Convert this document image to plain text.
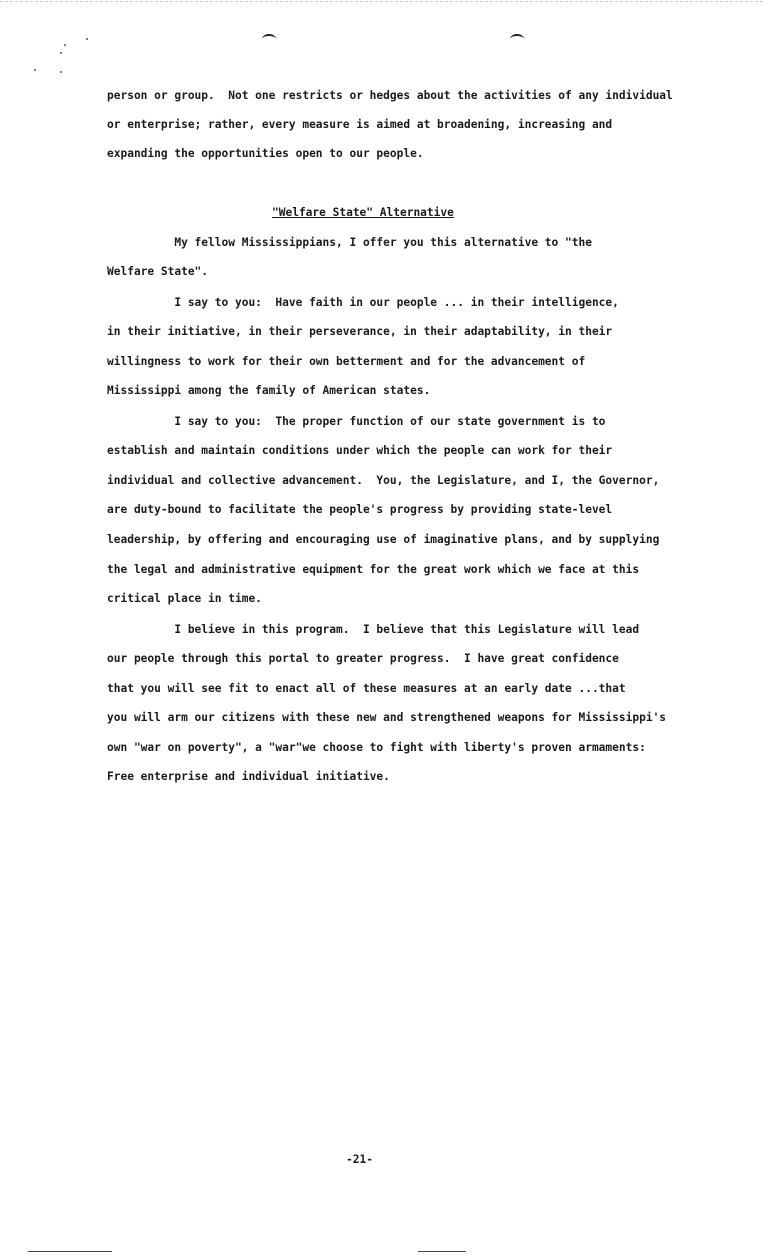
person or group.  Not one restricts or hedges about the activities of any individual
or enterprise; rather, every measure is aimed at broadening, increasing and
expanding the opportunities open to our people.
"Welfare State" Alternative
My fellow Mississippians, I offer you this alternative to "the
Welfare State".
I say to you:  Have faith in our people ... in their intelligence,
in their initiative, in their perseverance, in their adaptability, in their
willingness to work for their own betterment and for the advancement of
Mississippi among the family of American states.
I say to you:  The proper function of our state government is to
establish and maintain conditions under which the people can work for their
individual and collective advancement.  You, the Legislature, and I, the Governor,
are duty-bound to facilitate the people's progress by providing state-level
leadership, by offering and encouraging use of imaginative plans, and by supplying
the legal and administrative equipment for the great work which we face at this
critical place in time.
I believe in this program.  I believe that this Legislature will lead
our people through this portal to greater progress.  I have great confidence
that you will see fit to enact all of these measures at an early date ...that
you will arm our citizens with these new and strengthened weapons for Mississippi's
own "war on poverty", a "war"we choose to fight with liberty's proven armaments:
Free enterprise and individual initiative.
-21-
